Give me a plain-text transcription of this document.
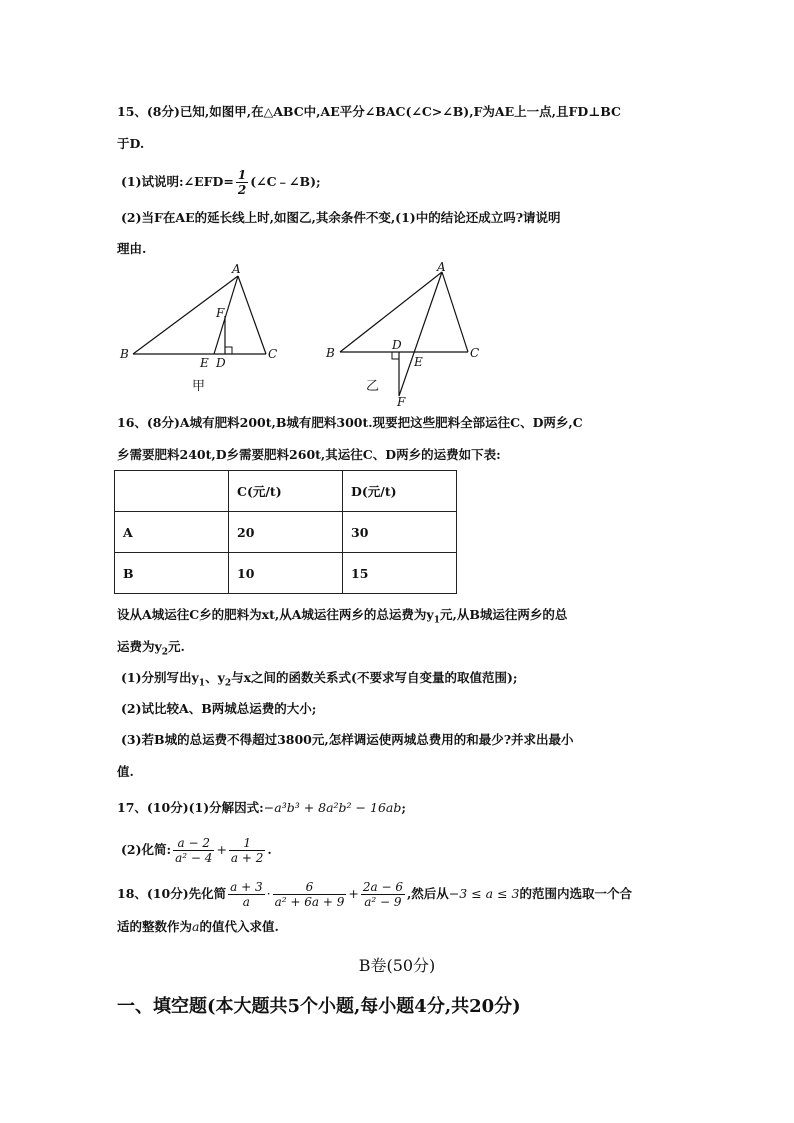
15、(8分)已知,如图甲,在△ABC中,AE平分∠BAC(∠C>∠B),F为AE上一点,且FD⊥BC
于D.
(1)试说明:∠EFD= $\frac{1}{2}$ (∠C﹣∠B);
(2)当F在AE的延长线上时,如图乙,其余条件不变,(1)中的结论还成立吗?请说明
理由.
A
B	C
F
E D
甲
A
B	C
D
E
F
乙
16、(8分)A城有肥料200t,B城有肥料300t.现要把这些肥料全部运往C、D两乡,C
乡需要肥料240t,D乡需要肥料260t,其运往C、D两乡的运费如下表:
	C(元/t)	D(元/t)
A	20	30
B	10	15
设从A城运往C乡的肥料为xt,从A城运往两乡的总运费为$y_1$元,从B城运往两乡的总
运费为$y_2$元.
(1)分别写出$y_1$、$y_2$与x之间的函数关系式(不要求写自变量的取值范围);
(2)试比较A、B两城总运费的大小;
(3)若B城的总运费不得超过3800元,怎样调运使两城总费用的和最少?并求出最小
值.
17、(10分)(1)分解因式:−a³b³ + 8a²b² − 16ab;
(2)化简: $\frac{a - 2}{\text{a² − 4}} + \frac{1}{a + 2}$ .
18、(10分)先化简 $\frac{a + 3}{a} \cdot \frac{6}{\text{a² + 6a + 9}} + \frac{2a - 6}{\text{a² − 9}}$ ,然后从−3 ≤ a ≤ 3的范围内选取一个合
适的整数作为a的值代入求值.
B卷(50分)
一、填空题(本大题共5个小题,每小题4分,共20分)
